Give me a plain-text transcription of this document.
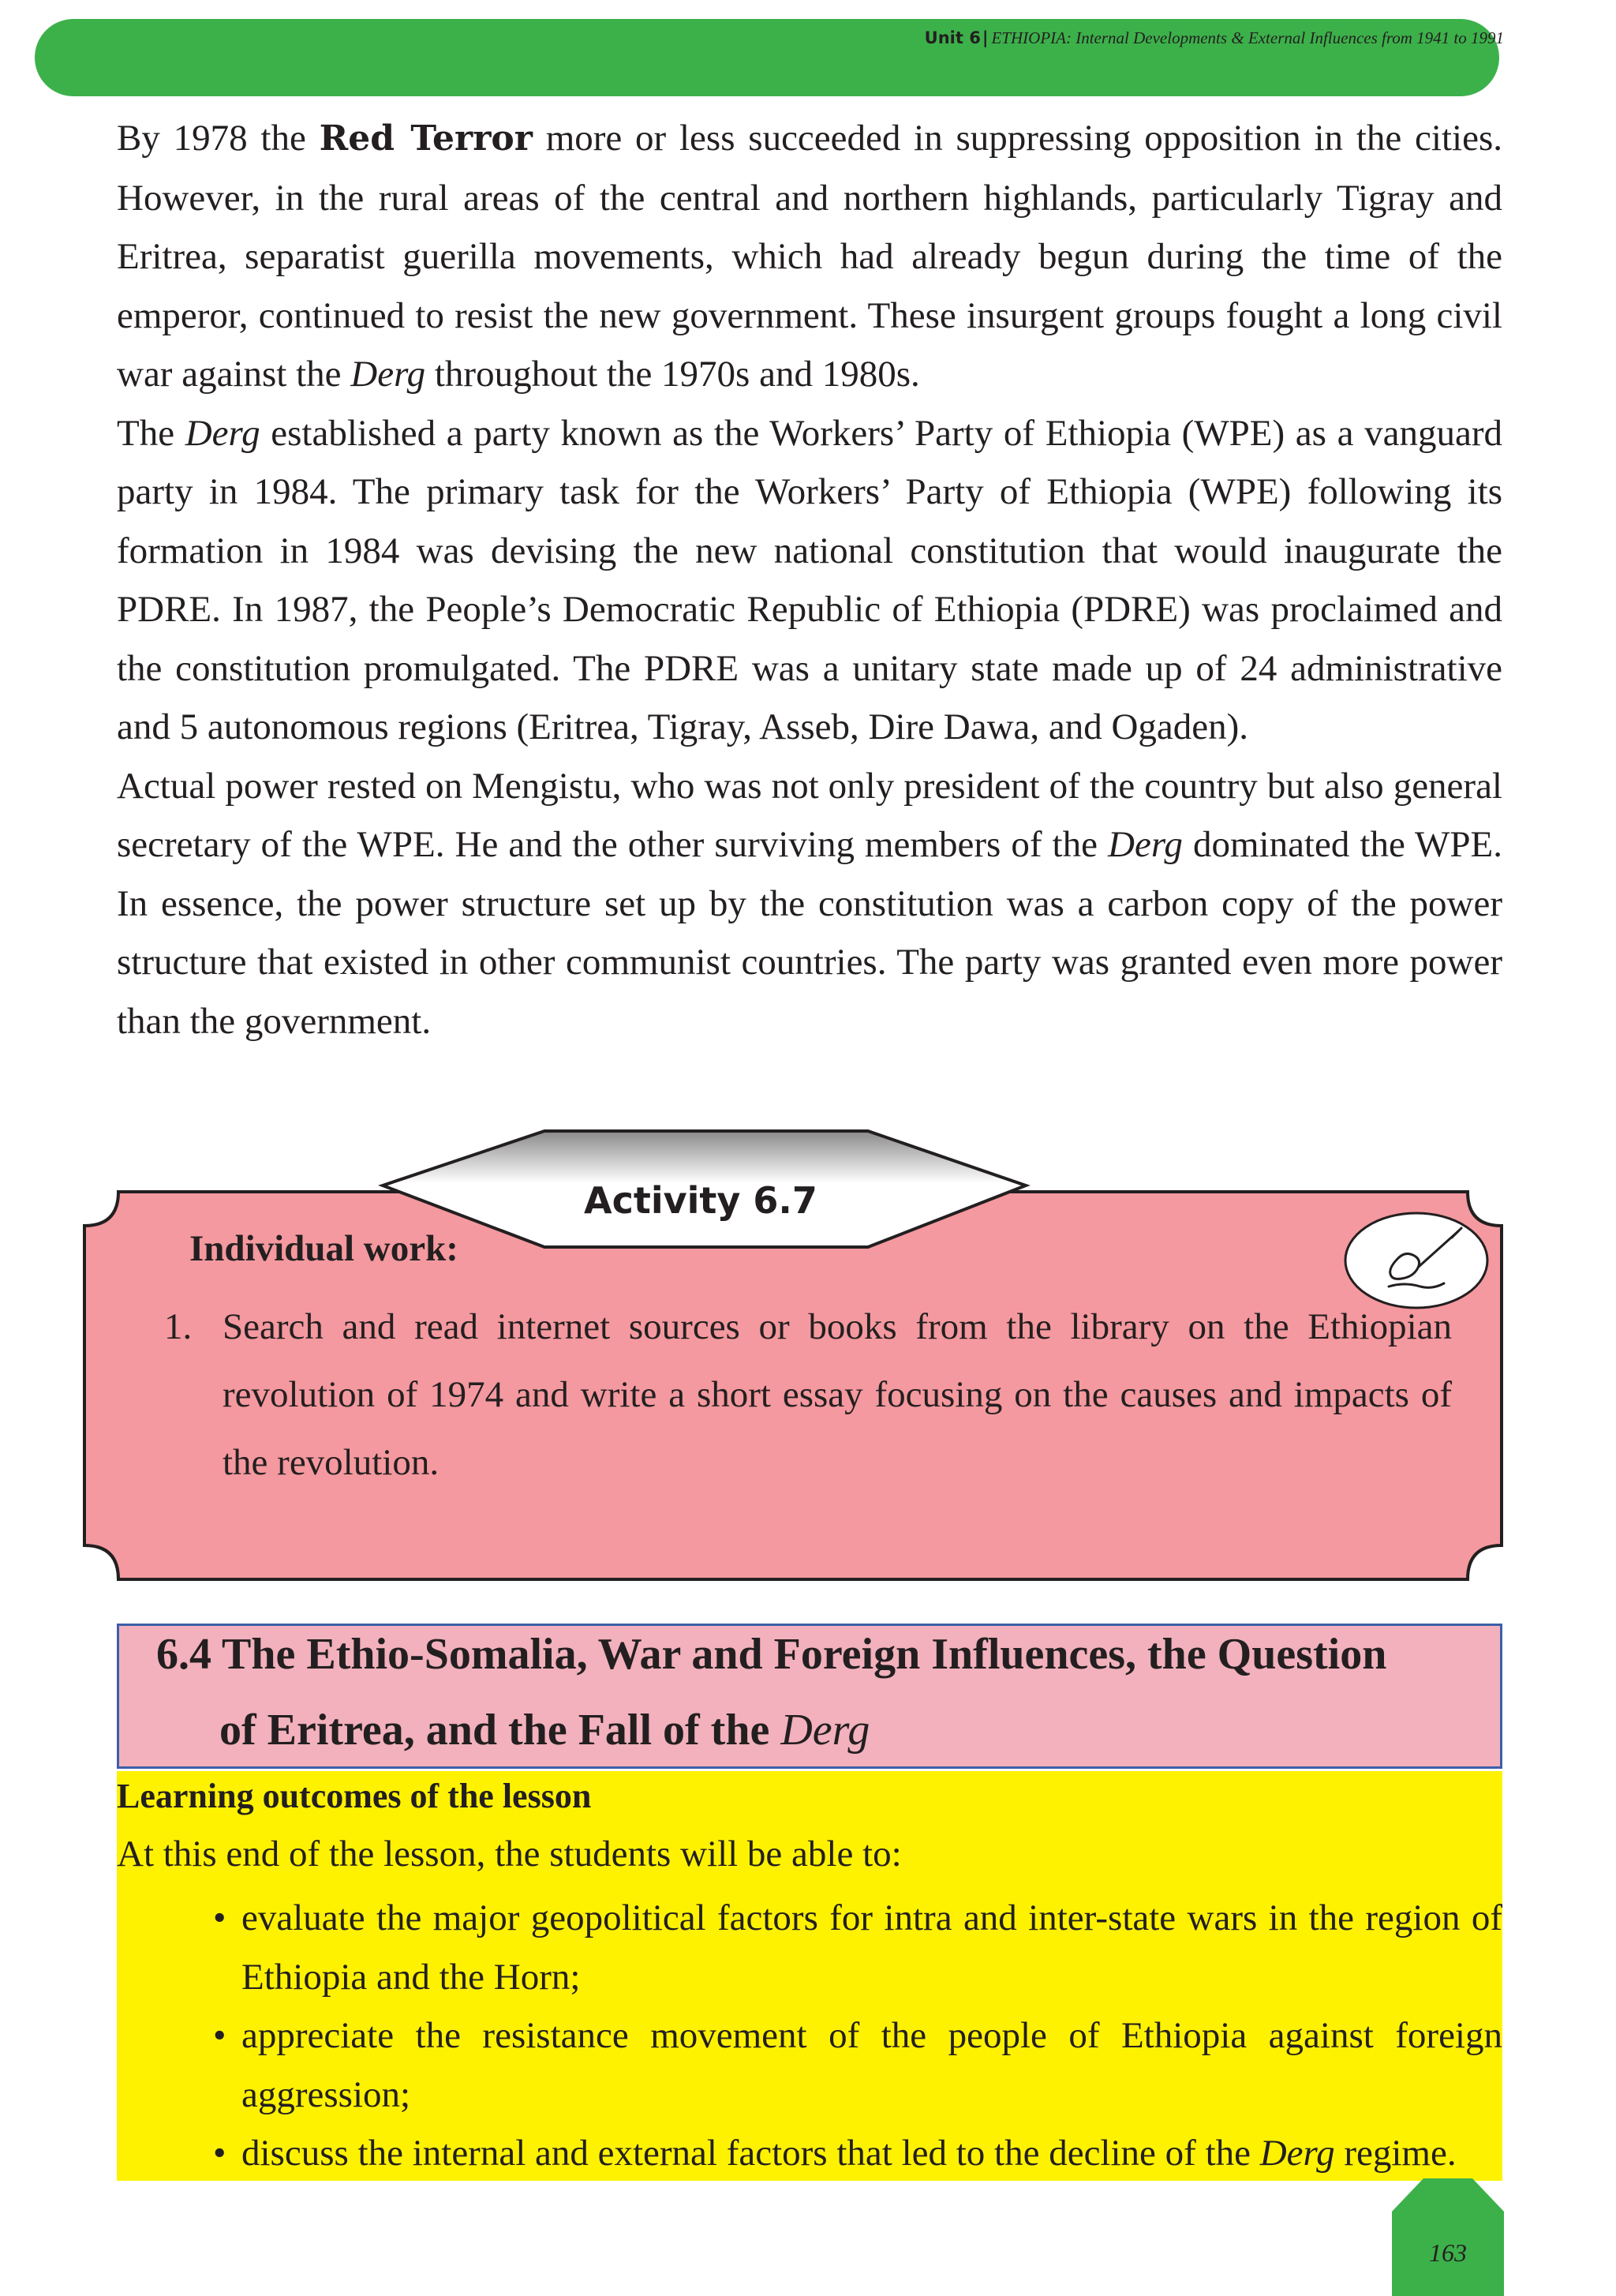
Unit 6| ETHIOPIA: Internal Developments & External Influences from 1941 to 1991

By 1978 the Red Terror more or less succeeded in suppressing opposition in the cities. However, in the rural areas of the central and northern highlands, particularly Tigray and Eritrea, separatist guerilla movements, which had already begun during the time of the emperor, continued to resist the new government. These insurgent groups fought a long civil war against the Derg throughout the 1970s and 1980s.

The Derg established a party known as the Workers’ Party of Ethiopia (WPE) as a vanguard party in 1984. The primary task for the Workers’ Party of Ethiopia (WPE) following its formation in 1984 was devising the new national constitution that would inaugurate the PDRE. In 1987, the People’s Democratic Republic of Ethiopia (PDRE) was proclaimed and the constitution promulgated. The PDRE was a unitary state made up of 24 administrative and 5 autonomous regions (Eritrea, Tigray, Asseb, Dire Dawa, and Ogaden).

Actual power rested on Mengistu, who was not only president of the country but also general secretary of the WPE. He and the other surviving members of the Derg dominated the WPE. In essence, the power structure set up by the constitution was a carbon copy of the power structure that existed in other communist countries. The party was granted even more power than the government.

Activity 6.7
Individual work:
1. Search and read internet sources or books from the library on the Ethiopian revolution of 1974 and write a short essay focusing on the causes and impacts of the revolution.
6.4 The Ethio-Somalia, War and Foreign Influences, the Question
of Eritrea, and the Fall of the Derg
Learning outcomes of the lesson
At this end of the lesson, the students will be able to:
• evaluate the major geopolitical factors for intra and inter-state wars in the region of Ethiopia and the Horn;
• appreciate the resistance movement of the people of Ethiopia against foreign aggression;
• discuss the internal and external factors that led to the decline of the Derg regime.
163
